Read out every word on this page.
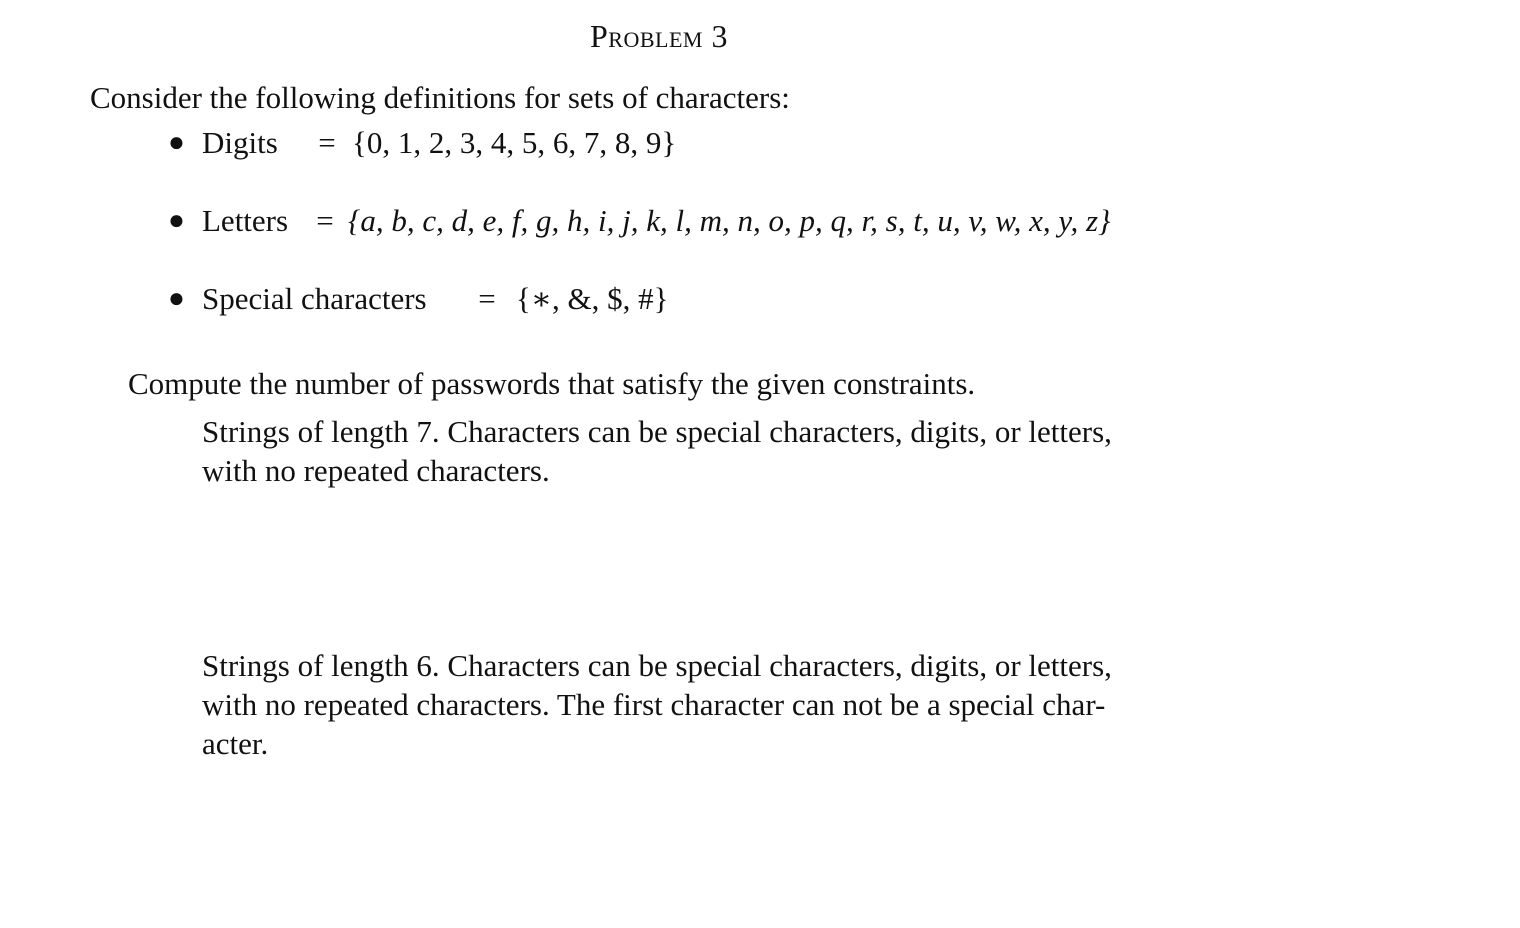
Problem 3
Consider the following definitions for sets of characters:
● Digits = {0, 1, 2, 3, 4, 5, 6, 7, 8, 9}
● Letters = {a, b, c, d, e, f, g, h, i, j, k, l, m, n, o, p, q, r, s, t, u, v, w, x, y, z}
● Special characters = {∗, &, $, #}
Compute the number of passwords that satisfy the given constraints.
Strings of length 7. Characters can be special characters, digits, or letters,
with no repeated characters.
Strings of length 6. Characters can be special characters, digits, or letters,
with no repeated characters. The first character can not be a special char-
acter.
